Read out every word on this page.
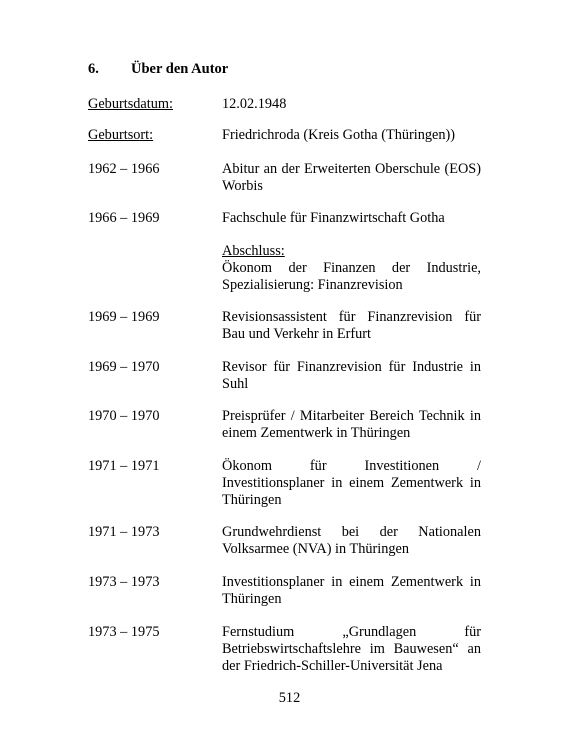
6. Über den Autor
Geburtsdatum:	12.02.1948
Geburtsort:	Friedrichroda (Kreis Gotha (Thüringen))
1962 – 1966	Abitur an der Erweiterten Oberschule (EOS)
Worbis
1966 – 1969	Fachschule für Finanzwirtschaft Gotha
Abschluss:
Ökonom der Finanzen der Industrie,
Spezialisierung: Finanzrevision
1969 – 1969	Revisionsassistent für Finanzrevision für
Bau und Verkehr in Erfurt
1969 – 1970	Revisor für Finanzrevision für Industrie in
Suhl
1970 – 1970	Preisprüfer / Mitarbeiter Bereich Technik in
einem Zementwerk in Thüringen
1971 – 1971	Ökonom für Investitionen /
Investitionsplaner in einem Zementwerk in
Thüringen
1971 – 1973	Grundwehrdienst bei der Nationalen
Volksarmee (NVA) in Thüringen
1973 – 1973	Investitionsplaner in einem Zementwerk in
Thüringen
1973 – 1975	Fernstudium „Grundlagen für
Betriebswirtschaftslehre im Bauwesen“ an
der Friedrich-Schiller-Universität Jena
512
